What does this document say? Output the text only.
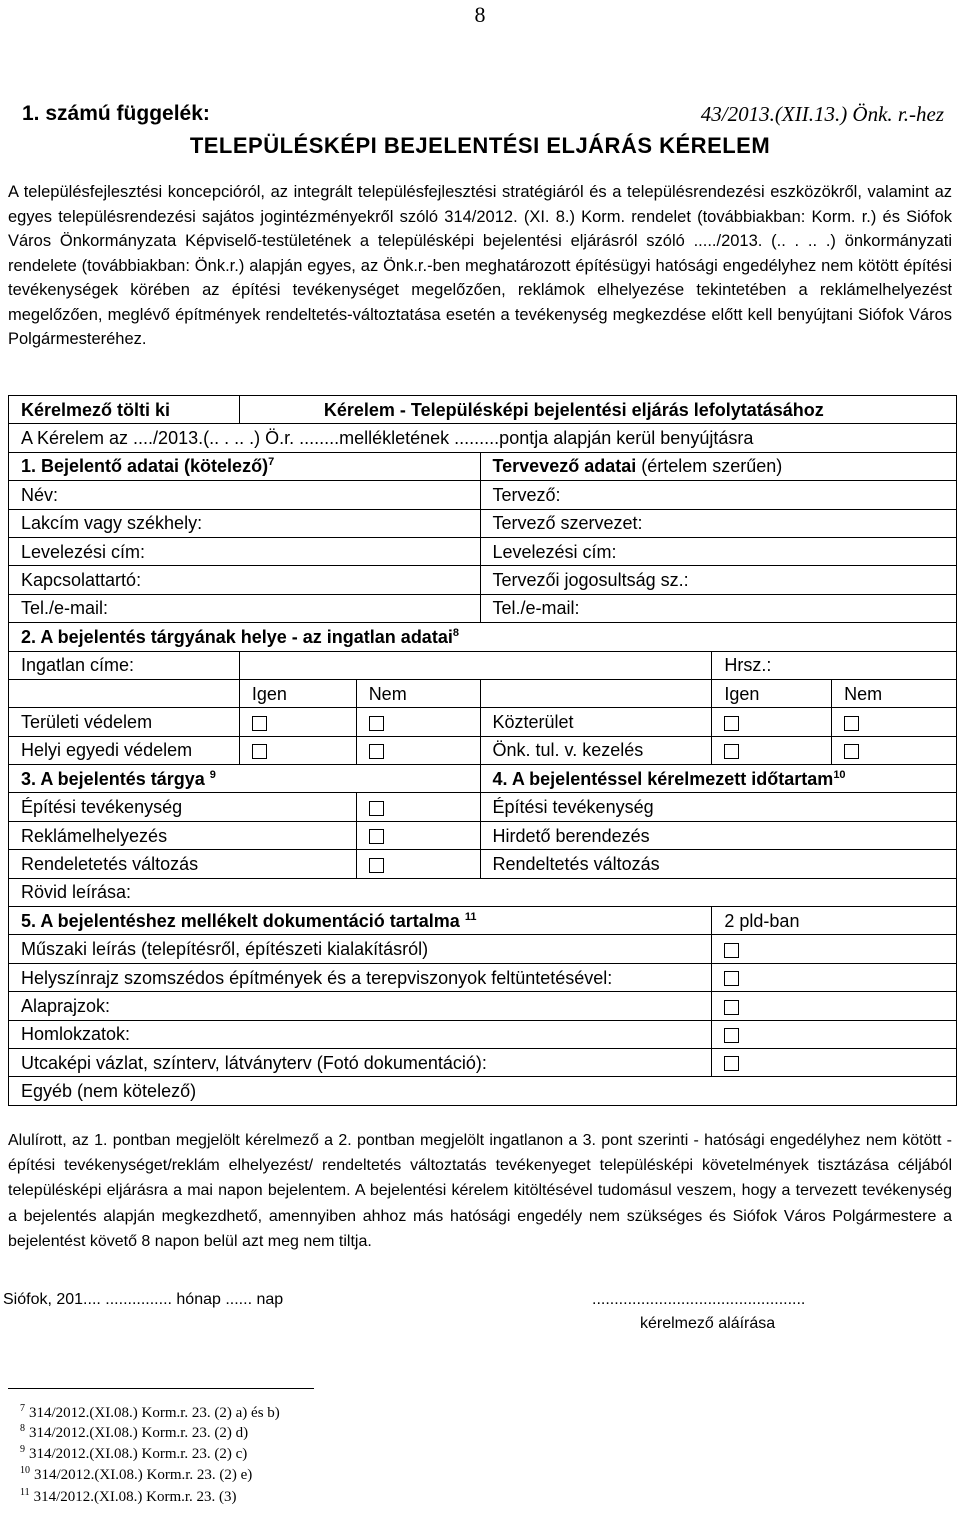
8
1. számú függelék:	43/2013.(XII.13.) Önk. r.-hez
TELEPÜLÉSKÉPI BEJELENTÉSI ELJÁRÁS KÉRELEM
A településfejlesztési koncepcióról, az integrált településfejlesztési stratégiáról és a településrendezési eszközökről, valamint az egyes településrendezési sajátos jogintézményekről szóló 314/2012. (XI. 8.) Korm. rendelet (továbbiakban: Korm. r.) és Siófok Város Önkormányzata Képviselő-testületének a településképi bejelentési eljárásról szóló ...../2013. (.. . .. .) önkormányzati rendelete (továbbiakban: Önk.r.) alapján egyes, az Önk.r.-ben meghatározott építésügyi hatósági engedélyhez nem kötött építési tevékenységek körében az építési tevékenységet megelőzően, reklámok elhelyezése tekintetében a reklámelhelyezést megelőzően, meglévő építmények rendeltetés-változtatása esetén a tevékenység megkezdése előtt kell benyújtani Siófok Város Polgármesteréhez.
Kérelmező tölti ki	Kérelem - Településképi bejelentési eljárás lefolytatásához				
A Kérelem az ..../2013.(.. . .. .) Ö.r. ........mellékletének .........pontja alapján kerül benyújtásra					
1. Bejelentő adatai (kötelező)$^7$			Tervevező adatai (értelem szerűen)		
Név:			Tervező:		
Lakcím vagy székhely:			Tervező szervezet:		
Levelezési cím:			Levelezési cím:		
Kapcsolattartó:			Tervezői jogosultság sz.:		
Tel./e-mail:			Tel./e-mail:		
2. A bejelentés tárgyának helye - az ingatlan adatai$^8$
Ingatlan címe:				Hrsz.:	
	Igen	Nem		Igen	Nem
Területi védelem			Közterület		
Helyi egyedi védelem			Önk. tul. v. kezelés		
3. A bejelentés tárgya $^9$			4. A bejelentéssel kérelmezett időtartam$^{10}$
Építési tevékenység			Építési tevékenység		
Reklámelhelyezés			Hirdető berendezés		
Rendeletetés változás			Rendeltetés változás		
Rövid leírása:					
5. A bejelentéshez mellékelt dokumentáció tartalma $^{11}$				2 pld-ban	
Műszaki leírás (telepítésről, építészeti kialakításról)					
Helyszínrajz szomszédos építmények és a terepviszonyok feltüntetésével:					
Alaprajzok:					
Homlokzatok:					
Utcaképi vázlat, színterv, látványterv (Fotó dokumentáció):					
Egyéb (nem kötelező)					
Alulírott, az 1. pontban megjelölt kérelmező a 2. pontban megjelölt ingatlanon a 3. pont szerinti - hatósági engedélyhez nem kötött - építési tevékenységet/reklám elhelyezést/ rendeltetés változtatás tevékenyeget településképi követelmények tisztázása céljából településképi eljárásra a mai napon bejelentem. A bejelentési kérelem kitöltésével tudomásul veszem, hogy a tervezett tevékenység a bejelentés alapján megkezdhető, amennyiben ahhoz más hatósági engedély nem szükséges és Siófok Város Polgármestere a bejelentést követő 8 napon belül azt meg nem tiltja.
Siófok, 201.... ............... hónap ...... nap	................................................
kérelmező aláírása
$^7$ 314/2012.(XI.08.) Korm.r. 23. (2) a) és b)
$^8$ 314/2012.(XI.08.) Korm.r. 23. (2) d)
$^9$ 314/2012.(XI.08.) Korm.r. 23. (2) c)
$^{10}$ 314/2012.(XI.08.) Korm.r. 23. (2) e)
$^{11}$ 314/2012.(XI.08.) Korm.r. 23. (3)
